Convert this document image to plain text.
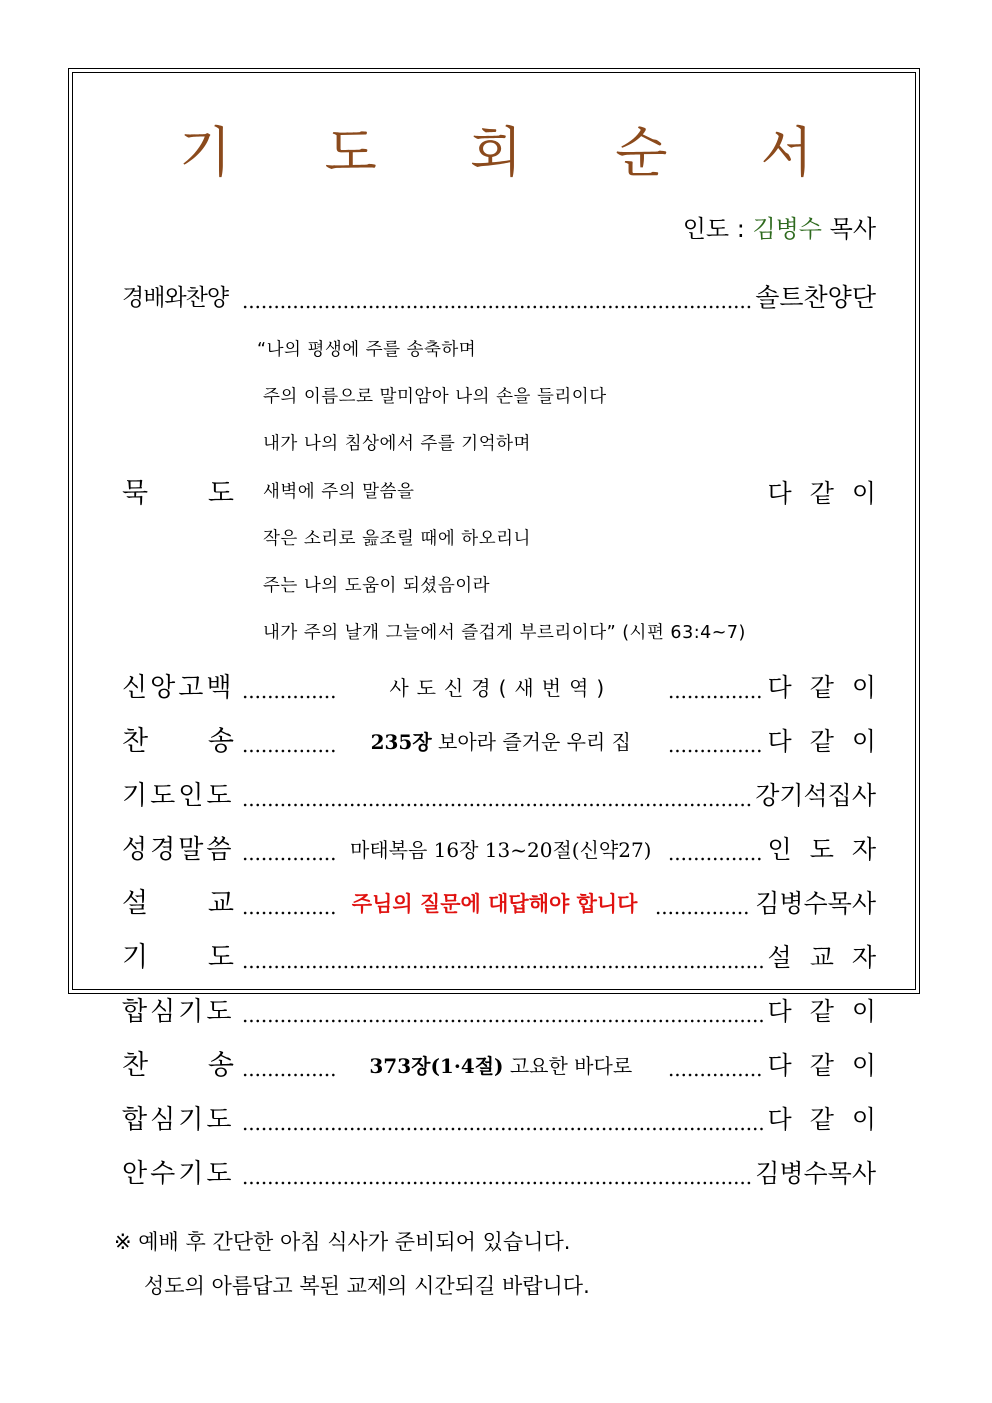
기 도 회 순 서
인도 : 김병수 목사
경배와찬양	솔트찬양단
“나의 평생에 주를 송축하며
주의 이름으로 말미암아 나의 손을 들리이다
내가 나의 침상에서 주를 기억하며
새벽에 주의 말씀을
작은 소리로 읊조릴 때에 하오리니
주는 나의 도움이 되셨음이라
내가 주의 날개 그늘에서 즐겁게 부르리이다” (시편 63:4~7)
묵 도	다같이
신앙고백	사도신경(새번역)	다같이
찬 송	235장 보아라 즐거운 우리 집	다같이
기도인도	강기석집사
성경말씀	마태복음 16장 13~20절(신약27)	인도자
설 교	주님의 질문에 대답해야 합니다	김병수목사
기 도	설교자
합심기도	다같이
찬 송	373장(1·4절) 고요한 바다로	다같이
합심기도	다같이
안수기도	김병수목사
※ 예배 후 간단한 아침 식사가 준비되어 있습니다.
성도의 아름답고 복된 교제의 시간되길 바랍니다.
